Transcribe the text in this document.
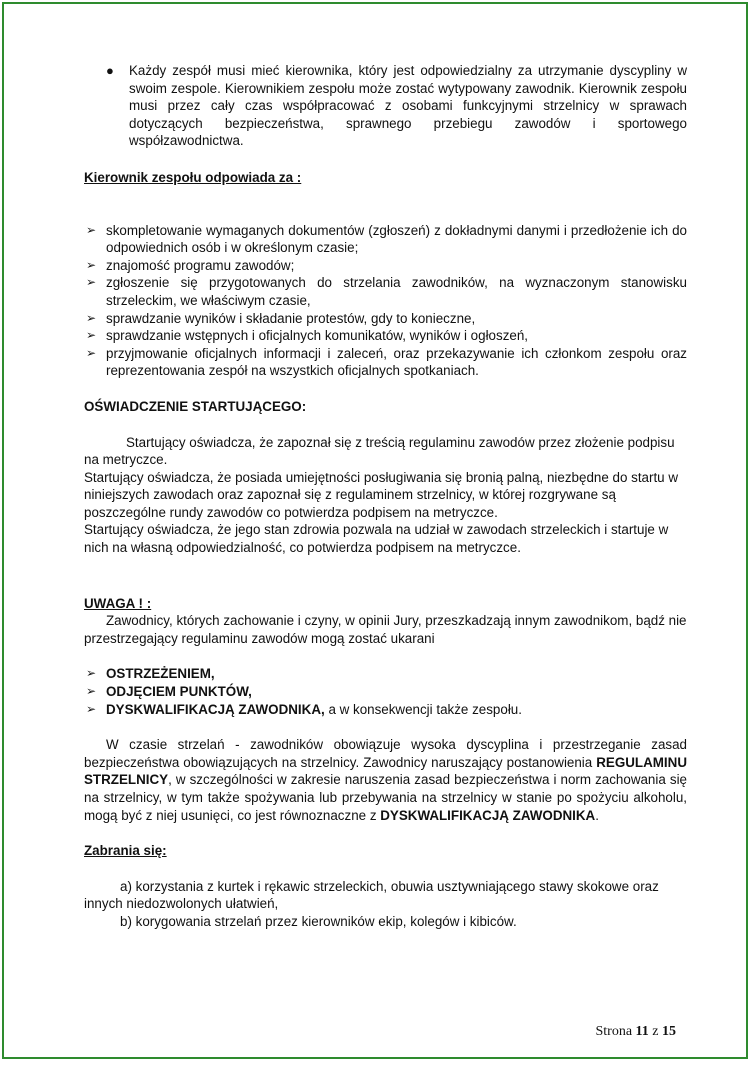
● Każdy zespół musi mieć kierownika, który jest odpowiedzialny za utrzymanie dyscypliny w swoim zespole. Kierownikiem zespołu może zostać wytypowany zawodnik. Kierownik zespołu musi przez cały czas współpracować z osobami funkcyjnymi strzelnicy w sprawach dotyczących bezpieczeństwa, sprawnego przebiegu zawodów i sportowego współzawodnictwa.

Kierownik zespołu odpowiada za :

➢ skompletowanie wymaganych dokumentów (zgłoszeń) z dokładnymi danymi i przedłożenie ich do odpowiednich osób i w określonym czasie;
➢ znajomość programu zawodów;
➢ zgłoszenie się przygotowanych do strzelania zawodników, na wyznaczonym stanowisku strzeleckim, we właściwym czasie,
➢ sprawdzanie wyników i składanie protestów, gdy to konieczne,
➢ sprawdzanie wstępnych i oficjalnych komunikatów, wyników i ogłoszeń,
➢ przyjmowanie oficjalnych informacji i zaleceń, oraz przekazywanie ich członkom zespołu oraz reprezentowania zespół na wszystkich oficjalnych spotkaniach.

OŚWIADCZENIE STARTUJĄCEGO:

Startujący oświadcza, że zapoznał się z treścią regulaminu zawodów przez złożenie podpisu na metryczce.

Startujący oświadcza, że posiada umiejętności posługiwania się bronią palną, niezbędne do startu w niniejszych zawodach oraz zapoznał się z regulaminem strzelnicy, w której rozgrywane są poszczególne rundy zawodów co potwierdza podpisem na metryczce.

Startujący oświadcza, że jego stan zdrowia pozwala na udział w zawodach strzeleckich i startuje w nich na własną odpowiedzialność, co potwierdza podpisem na metryczce.

UWAGA ! :

Zawodnicy, których zachowanie i czyny, w opinii Jury, przeszkadzają innym zawodnikom, bądź nie przestrzegający regulaminu zawodów mogą zostać ukarani

➢ OSTRZEŻENIEM,
➢ ODJĘCIEM PUNKTÓW,
➢ DYSKWALIFIKACJĄ ZAWODNIKA, a w konsekwencji także zespołu.

W czasie strzelań - zawodników obowiązuje wysoka dyscyplina i przestrzeganie zasad bezpieczeństwa obowiązujących na strzelnicy. Zawodnicy naruszający postanowienia REGULAMINU STRZELNICY, w szczególności w zakresie naruszenia zasad bezpieczeństwa i norm zachowania się na strzelnicy, w tym także spożywania lub przebywania na strzelnicy w stanie po spożyciu alkoholu, mogą być z niej usunięci, co jest równoznaczne z DYSKWALIFIKACJĄ ZAWODNIKA.

Zabrania się:

a) korzystania z kurtek i rękawic strzeleckich, obuwia usztywniającego stawy skokowe oraz innych niedozwolonych ułatwień,

b) korygowania strzelań przez kierowników ekip, kolegów i kibiców.

Strona 11 z 15
